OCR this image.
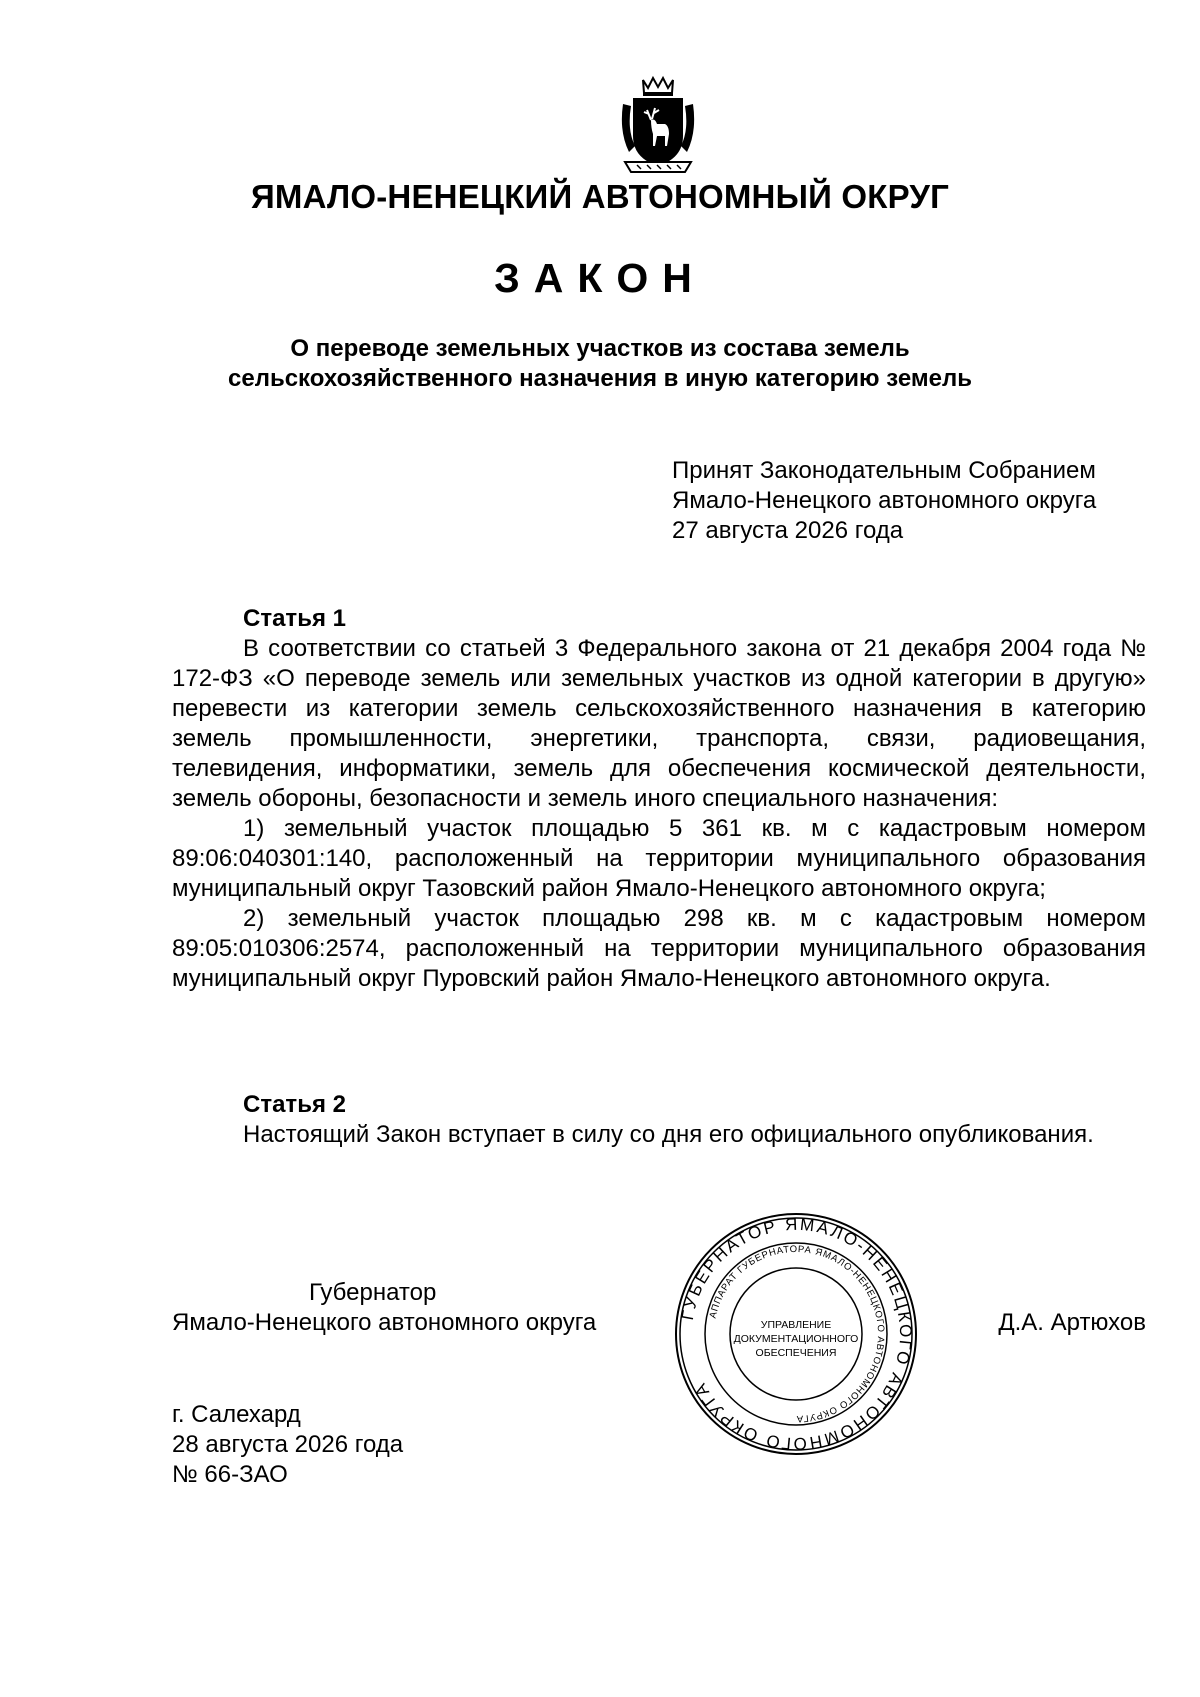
ЯМАЛО-НЕНЕЦКИЙ АВТОНОМНЫЙ ОКРУГ
ЗАКОН
О переводе земельных участков из состава земель
сельскохозяйственного назначения в иную категорию земель
Принят Законодательным Собранием
Ямало-Ненецкого автономного округа
27 августа 2026 года
Статья 1

В соответствии со статьей 3 Федерального закона от 21 декабря 2004 года № 172-ФЗ «О переводе земель или земельных участков из одной категории в другую» перевести из категории земель сельскохозяйственного назначения в категорию земель промышленности, энергетики, транспорта, связи, радиовещания, телевидения, информатики, земель для обеспечения космической деятельности, земель обороны, безопасности и земель иного специального назначения:

1) земельный участок площадью 5 361 кв. м с кадастровым номером 89:06:040301:140, расположенный на территории муниципального образования муниципальный округ Тазовский район Ямало-Ненецкого автономного округа;

2) земельный участок площадью 298 кв. м с кадастровым номером 89:05:010306:2574, расположенный на территории муниципального образования муниципальный округ Пуровский район Ямало-Ненецкого автономного округа.

Статья 2

Настоящий Закон вступает в силу со дня его официального опубликования.

Губернатор
Ямало-Ненецкого автономного округа	Д.А. Артюхов
ГУБЕРНАТОР ЯМАЛО-НЕНЕЦКОГО АВТОНОМНОГО ОКРУГА
АППАРАТ ГУБЕРНАТОРА ЯМАЛО-НЕНЕЦКОГО АВТОНОМНОГО ОКРУГА
УПРАВЛЕНИЕ
ДОКУМЕНТАЦИОННОГО
ОБЕСПЕЧЕНИЯ
г. Салехард
28 августа 2026 года
№ 66-ЗАО
